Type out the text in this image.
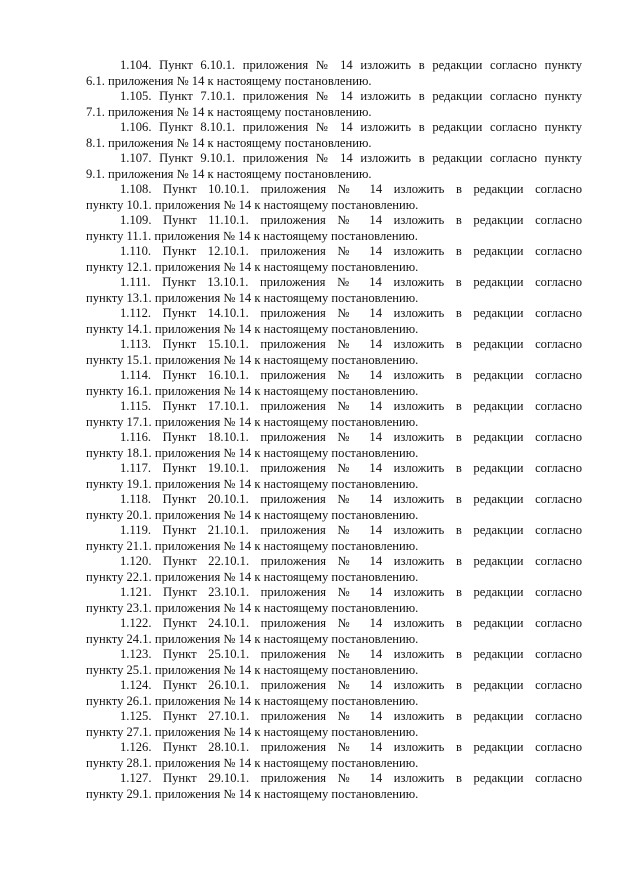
1.104. Пункт 6.10.1. приложения № 14 изложить в редакции согласно пункту
6.1. приложения № 14 к настоящему постановлению.
1.105. Пункт 7.10.1. приложения № 14 изложить в редакции согласно пункту
7.1. приложения № 14 к настоящему постановлению.
1.106. Пункт 8.10.1. приложения № 14 изложить в редакции согласно пункту
8.1. приложения № 14 к настоящему постановлению.
1.107. Пункт 9.10.1. приложения № 14 изложить в редакции согласно пункту
9.1. приложения № 14 к настоящему постановлению.
1.108. Пункт 10.10.1. приложения № 14 изложить в редакции согласно
пункту 10.1. приложения № 14 к настоящему постановлению.
1.109. Пункт 11.10.1. приложения № 14 изложить в редакции согласно
пункту 11.1. приложения № 14 к настоящему постановлению.
1.110. Пункт 12.10.1. приложения № 14 изложить в редакции согласно
пункту 12.1. приложения № 14 к настоящему постановлению.
1.111. Пункт 13.10.1. приложения № 14 изложить в редакции согласно
пункту 13.1. приложения № 14 к настоящему постановлению.
1.112. Пункт 14.10.1. приложения № 14 изложить в редакции согласно
пункту 14.1. приложения № 14 к настоящему постановлению.
1.113. Пункт 15.10.1. приложения № 14 изложить в редакции согласно
пункту 15.1. приложения № 14 к настоящему постановлению.
1.114. Пункт 16.10.1. приложения № 14 изложить в редакции согласно
пункту 16.1. приложения № 14 к настоящему постановлению.
1.115. Пункт 17.10.1. приложения № 14 изложить в редакции согласно
пункту 17.1. приложения № 14 к настоящему постановлению.
1.116. Пункт 18.10.1. приложения № 14 изложить в редакции согласно
пункту 18.1. приложения № 14 к настоящему постановлению.
1.117. Пункт 19.10.1. приложения № 14 изложить в редакции согласно
пункту 19.1. приложения № 14 к настоящему постановлению.
1.118. Пункт 20.10.1. приложения № 14 изложить в редакции согласно
пункту 20.1. приложения № 14 к настоящему постановлению.
1.119. Пункт 21.10.1. приложения № 14 изложить в редакции согласно
пункту 21.1. приложения № 14 к настоящему постановлению.
1.120. Пункт 22.10.1. приложения № 14 изложить в редакции согласно
пункту 22.1. приложения № 14 к настоящему постановлению.
1.121. Пункт 23.10.1. приложения № 14 изложить в редакции согласно
пункту 23.1. приложения № 14 к настоящему постановлению.
1.122. Пункт 24.10.1. приложения № 14 изложить в редакции согласно
пункту 24.1. приложения № 14 к настоящему постановлению.
1.123. Пункт 25.10.1. приложения № 14 изложить в редакции согласно
пункту 25.1. приложения № 14 к настоящему постановлению.
1.124. Пункт 26.10.1. приложения № 14 изложить в редакции согласно
пункту 26.1. приложения № 14 к настоящему постановлению.
1.125. Пункт 27.10.1. приложения № 14 изложить в редакции согласно
пункту 27.1. приложения № 14 к настоящему постановлению.
1.126. Пункт 28.10.1. приложения № 14 изложить в редакции согласно
пункту 28.1. приложения № 14 к настоящему постановлению.
1.127. Пункт 29.10.1. приложения № 14 изложить в редакции согласно
пункту 29.1. приложения № 14 к настоящему постановлению.
